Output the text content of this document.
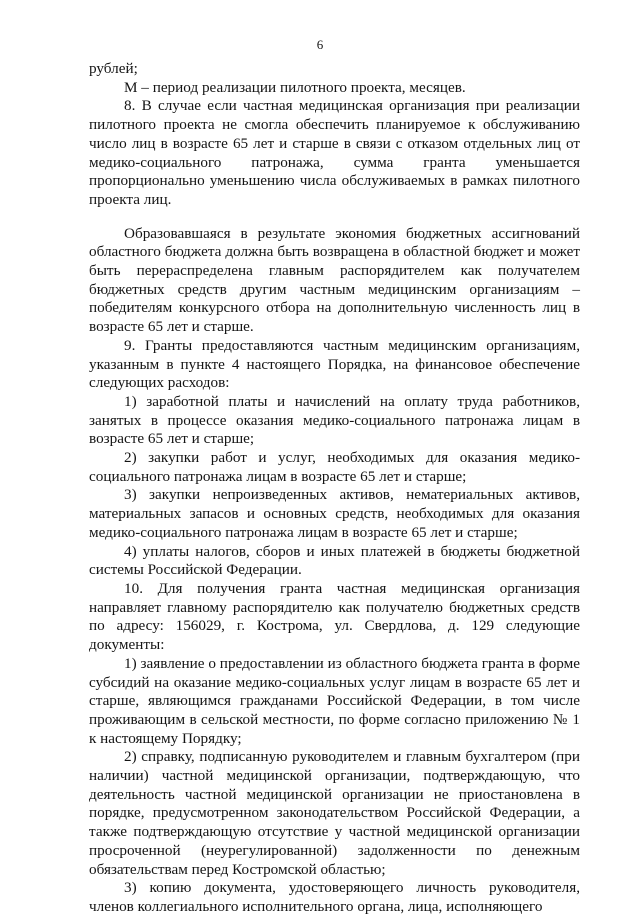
6

рублей;

М – период реализации пилотного проекта, месяцев.

8. В случае если частная медицинская организация при реализации пилотного проекта не смогла обеспечить планируемое к обслуживанию число лиц в возрасте 65 лет и старше в связи с отказом отдельных лиц от медико-социального патронажа, сумма гранта уменьшается пропорционально уменьшению числа обслуживаемых в рамках пилотного проекта лиц.

Образовавшаяся в результате экономия бюджетных ассигнований областного бюджета должна быть возвращена в областной бюджет и может быть перераспределена главным распорядителем как получателем бюджетных средств другим частным медицинским организациям – победителям конкурсного отбора на дополнительную численность лиц в возрасте 65 лет и старше.

9. Гранты предоставляются частным медицинским организациям, указанным в пункте 4 настоящего Порядка, на финансовое обеспечение следующих расходов:

1) заработной платы и начислений на оплату труда работников, занятых в процессе оказания медико-социального патронажа лицам в возрасте 65 лет и старше;

2) закупки работ и услуг, необходимых для оказания медико-социального патронажа лицам в возрасте 65 лет и старше;

3) закупки непроизведенных активов, нематериальных активов, материальных запасов и основных средств, необходимых для оказания медико-социального патронажа лицам в возрасте 65 лет и старше;

4) уплаты налогов, сборов и иных платежей в бюджеты бюджетной системы Российской Федерации.

10. Для получения гранта частная медицинская организация направляет главному распорядителю как получателю бюджетных средств по адресу: 156029, г. Кострома, ул. Свердлова, д. 129 следующие документы:

1) заявление о предоставлении из областного бюджета гранта в форме субсидий на оказание медико-социальных услуг лицам в возрасте 65 лет и старше, являющимся гражданами Российской Федерации, в том числе проживающим в сельской местности, по форме согласно приложению № 1 к настоящему Порядку;

2) справку, подписанную руководителем и главным бухгалтером (при наличии) частной медицинской организации, подтверждающую, что деятельность частной медицинской организации не приостановлена в порядке, предусмотренном законодательством Российской Федерации, а также подтверждающую отсутствие у частной медицинской организации просроченной (неурегулированной) задолженности по денежным обязательствам перед Костромской областью;

3) копию документа, удостоверяющего личность руководителя, членов коллегиального исполнительного органа, лица, исполняющего
